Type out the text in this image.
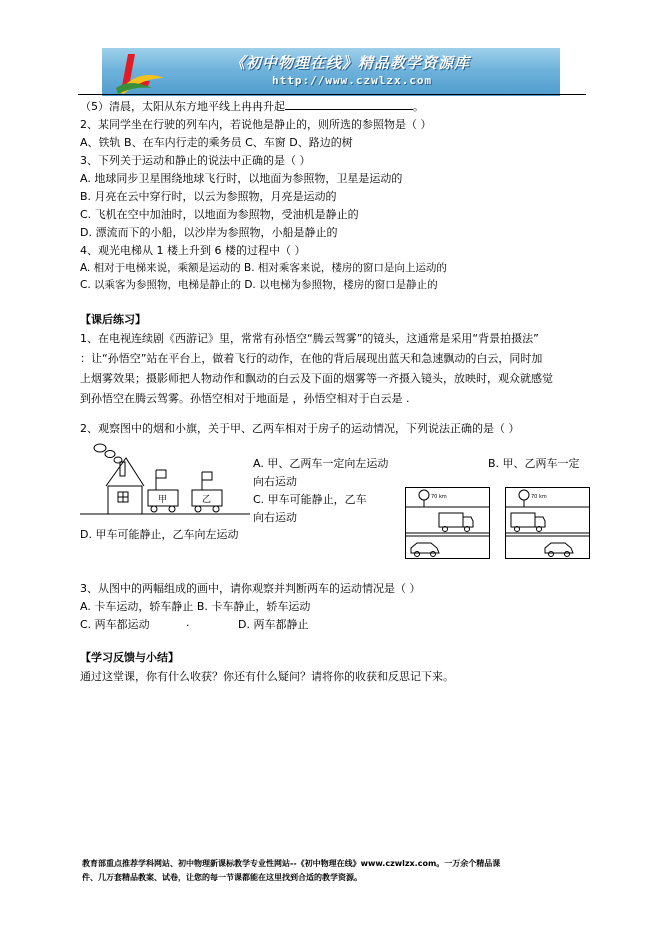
《初中物理在线》精品教学资源库
http://www.czwlzx.com
（5）清晨，太阳从东方地平线上冉冉升起	。
2、某同学坐在行驶的列车内，若说他是静止的，则所选的参照物是（ ）
A、铁轨 B、在车内行走的乘务员 C、车窗 D、路边的树
3、下列关于运动和静止的说法中正确的是（ ）
A. 地球同步卫星围绕地球飞行时，以地面为参照物，卫星是运动的
B. 月亮在云中穿行时，以云为参照物，月亮是运动的
C. 飞机在空中加油时，以地面为参照物，受油机是静止的
D. 漂流而下的小船，以沙岸为参照物，小船是静止的
4、观光电梯从 1 楼上升到 6 楼的过程中（ ）
A. 相对于电梯来说，乘额是运动的 B. 相对乘客来说，楼房的窗口是向上运动的
C. 以乘客为参照物，电梯是静止的 D. 以电梯为参照物，楼房的窗口是静止的
【课后练习】
1、在电视连续剧《西游记》里，常常有孙悟空“腾云驾雾”的镜头，这通常是采用“背景拍摄法”
：让“孙悟空”站在平台上，做着飞行的动作，在他的背后展现出蓝天和急速飘动的白云，同时加
上烟雾效果；摄影师把人物动作和飘动的白云及下面的烟雾等一齐摄入镜头，放映时，观众就感觉
到孙悟空在腾云驾雾。孙悟空相对于地面是 ，孙悟空相对于白云是 .
2、观察图中的烟和小旗，关于甲、乙两车相对于房子的运动情况，下列说法正确的是（ ）
甲	乙
A. 甲、乙两车一定向左运动	B. 甲、乙两车一定
向右运动
C. 甲车可能静止，乙车
向右运动
D. 甲车可能静止，乙车向左运动
70 km	70 km
3、从图中的两幅组成的画中，请你观察并判断两车的运动情况是（ ）
A. 卡车运动，轿车静止 B. 卡车静止，轿车运动
C. 两车都运动	.	D. 两车都静止
【学习反馈与小结】
通过这堂课，你有什么收获？你还有什么疑问？请将你的收获和反思记下来。
教育部重点推荐学科网站、初中物理新课标教学专业性网站--《初中物理在线》www.czwlzx.com。一万余个精品课
件、几万套精品教案、试卷，让您的每一节课都能在这里找到合适的教学资源。
